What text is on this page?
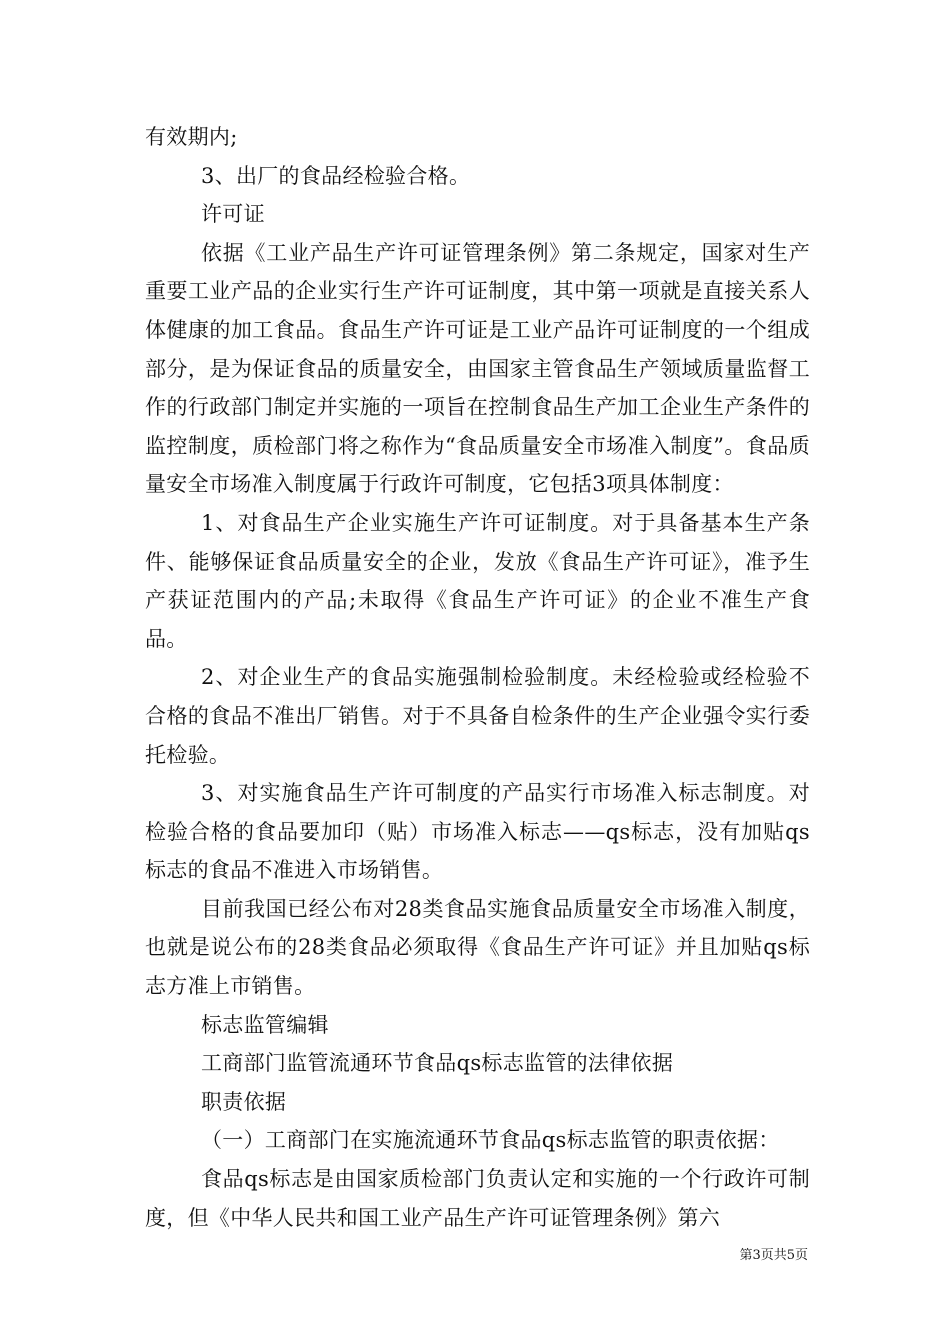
有效期内;

3、出厂的食品经检验合格。

许可证

依据《工业产品生产许可证管理条例》第二条规定，国家对生产重要工业产品的企业实行生产许可证制度，其中第一项就是直接关系人体健康的加工食品。食品生产许可证是工业产品许可证制度的一个组成部分，是为保证食品的质量安全，由国家主管食品生产领域质量监督工作的行政部门制定并实施的一项旨在控制食品生产加工企业生产条件的监控制度，质检部门将之称作为“食品质量安全市场准入制度”。食品质量安全市场准入制度属于行政许可制度，它包括3项具体制度：

1、对食品生产企业实施生产许可证制度。对于具备基本生产条件、能够保证食品质量安全的企业，发放《食品生产许可证》，准予生产获证范围内的产品;未取得《食品生产许可证》的企业不准生产食品。

2、对企业生产的食品实施强制检验制度。未经检验或经检验不合格的食品不准出厂销售。对于不具备自检条件的生产企业强令实行委托检验。

3、对实施食品生产许可制度的产品实行市场准入标志制度。对检验合格的食品要加印（贴）市场准入标志——qs标志，没有加贴qs标志的食品不准进入市场销售。

目前我国已经公布对28类食品实施食品质量安全市场准入制度，也就是说公布的28类食品必须取得《食品生产许可证》并且加贴qs标志方准上市销售。

标志监管编辑

工商部门监管流通环节食品qs标志监管的法律依据

职责依据

（一）工商部门在实施流通环节食品qs标志监管的职责依据：

食品qs标志是由国家质检部门负责认定和实施的一个行政许可制度，但《中华人民共和国工业产品生产许可证管理条例》第六

第3页共5页
